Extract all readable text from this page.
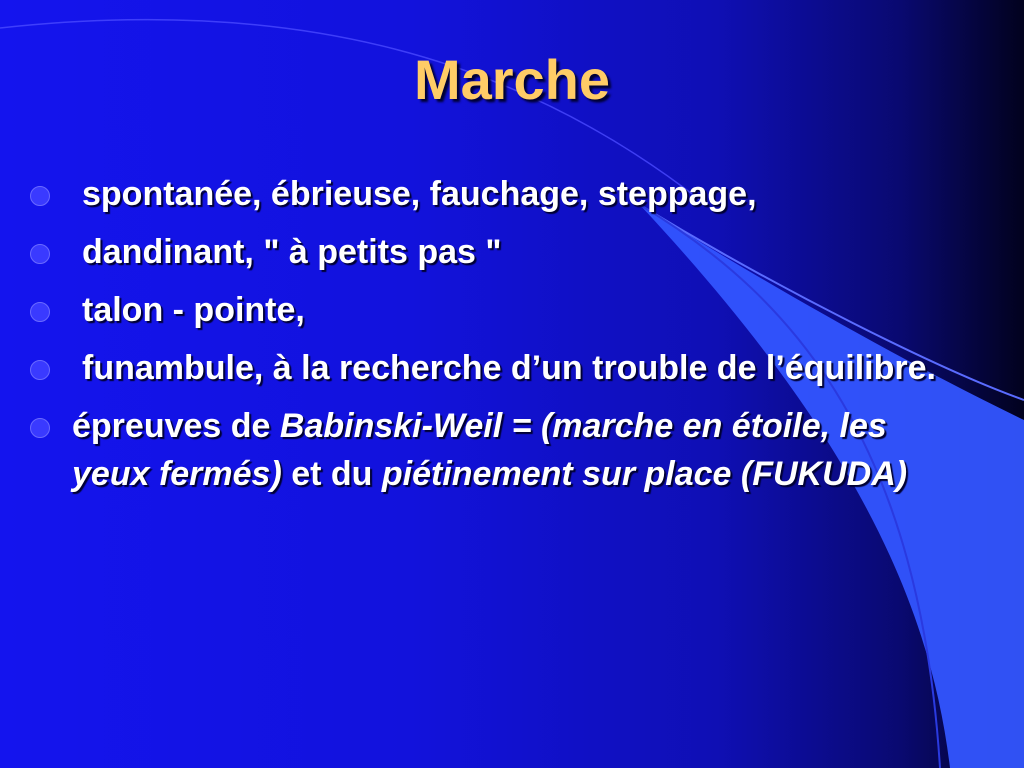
Marche
spontanée, ébrieuse, fauchage, steppage,
dandinant, " à petits pas "
talon - pointe,
funambule, à la recherche d’un trouble de l’équilibre.
épreuves de Babinski-Weil = (marche en étoile, les yeux fermés) et du piétinement sur place (FUKUDA)
